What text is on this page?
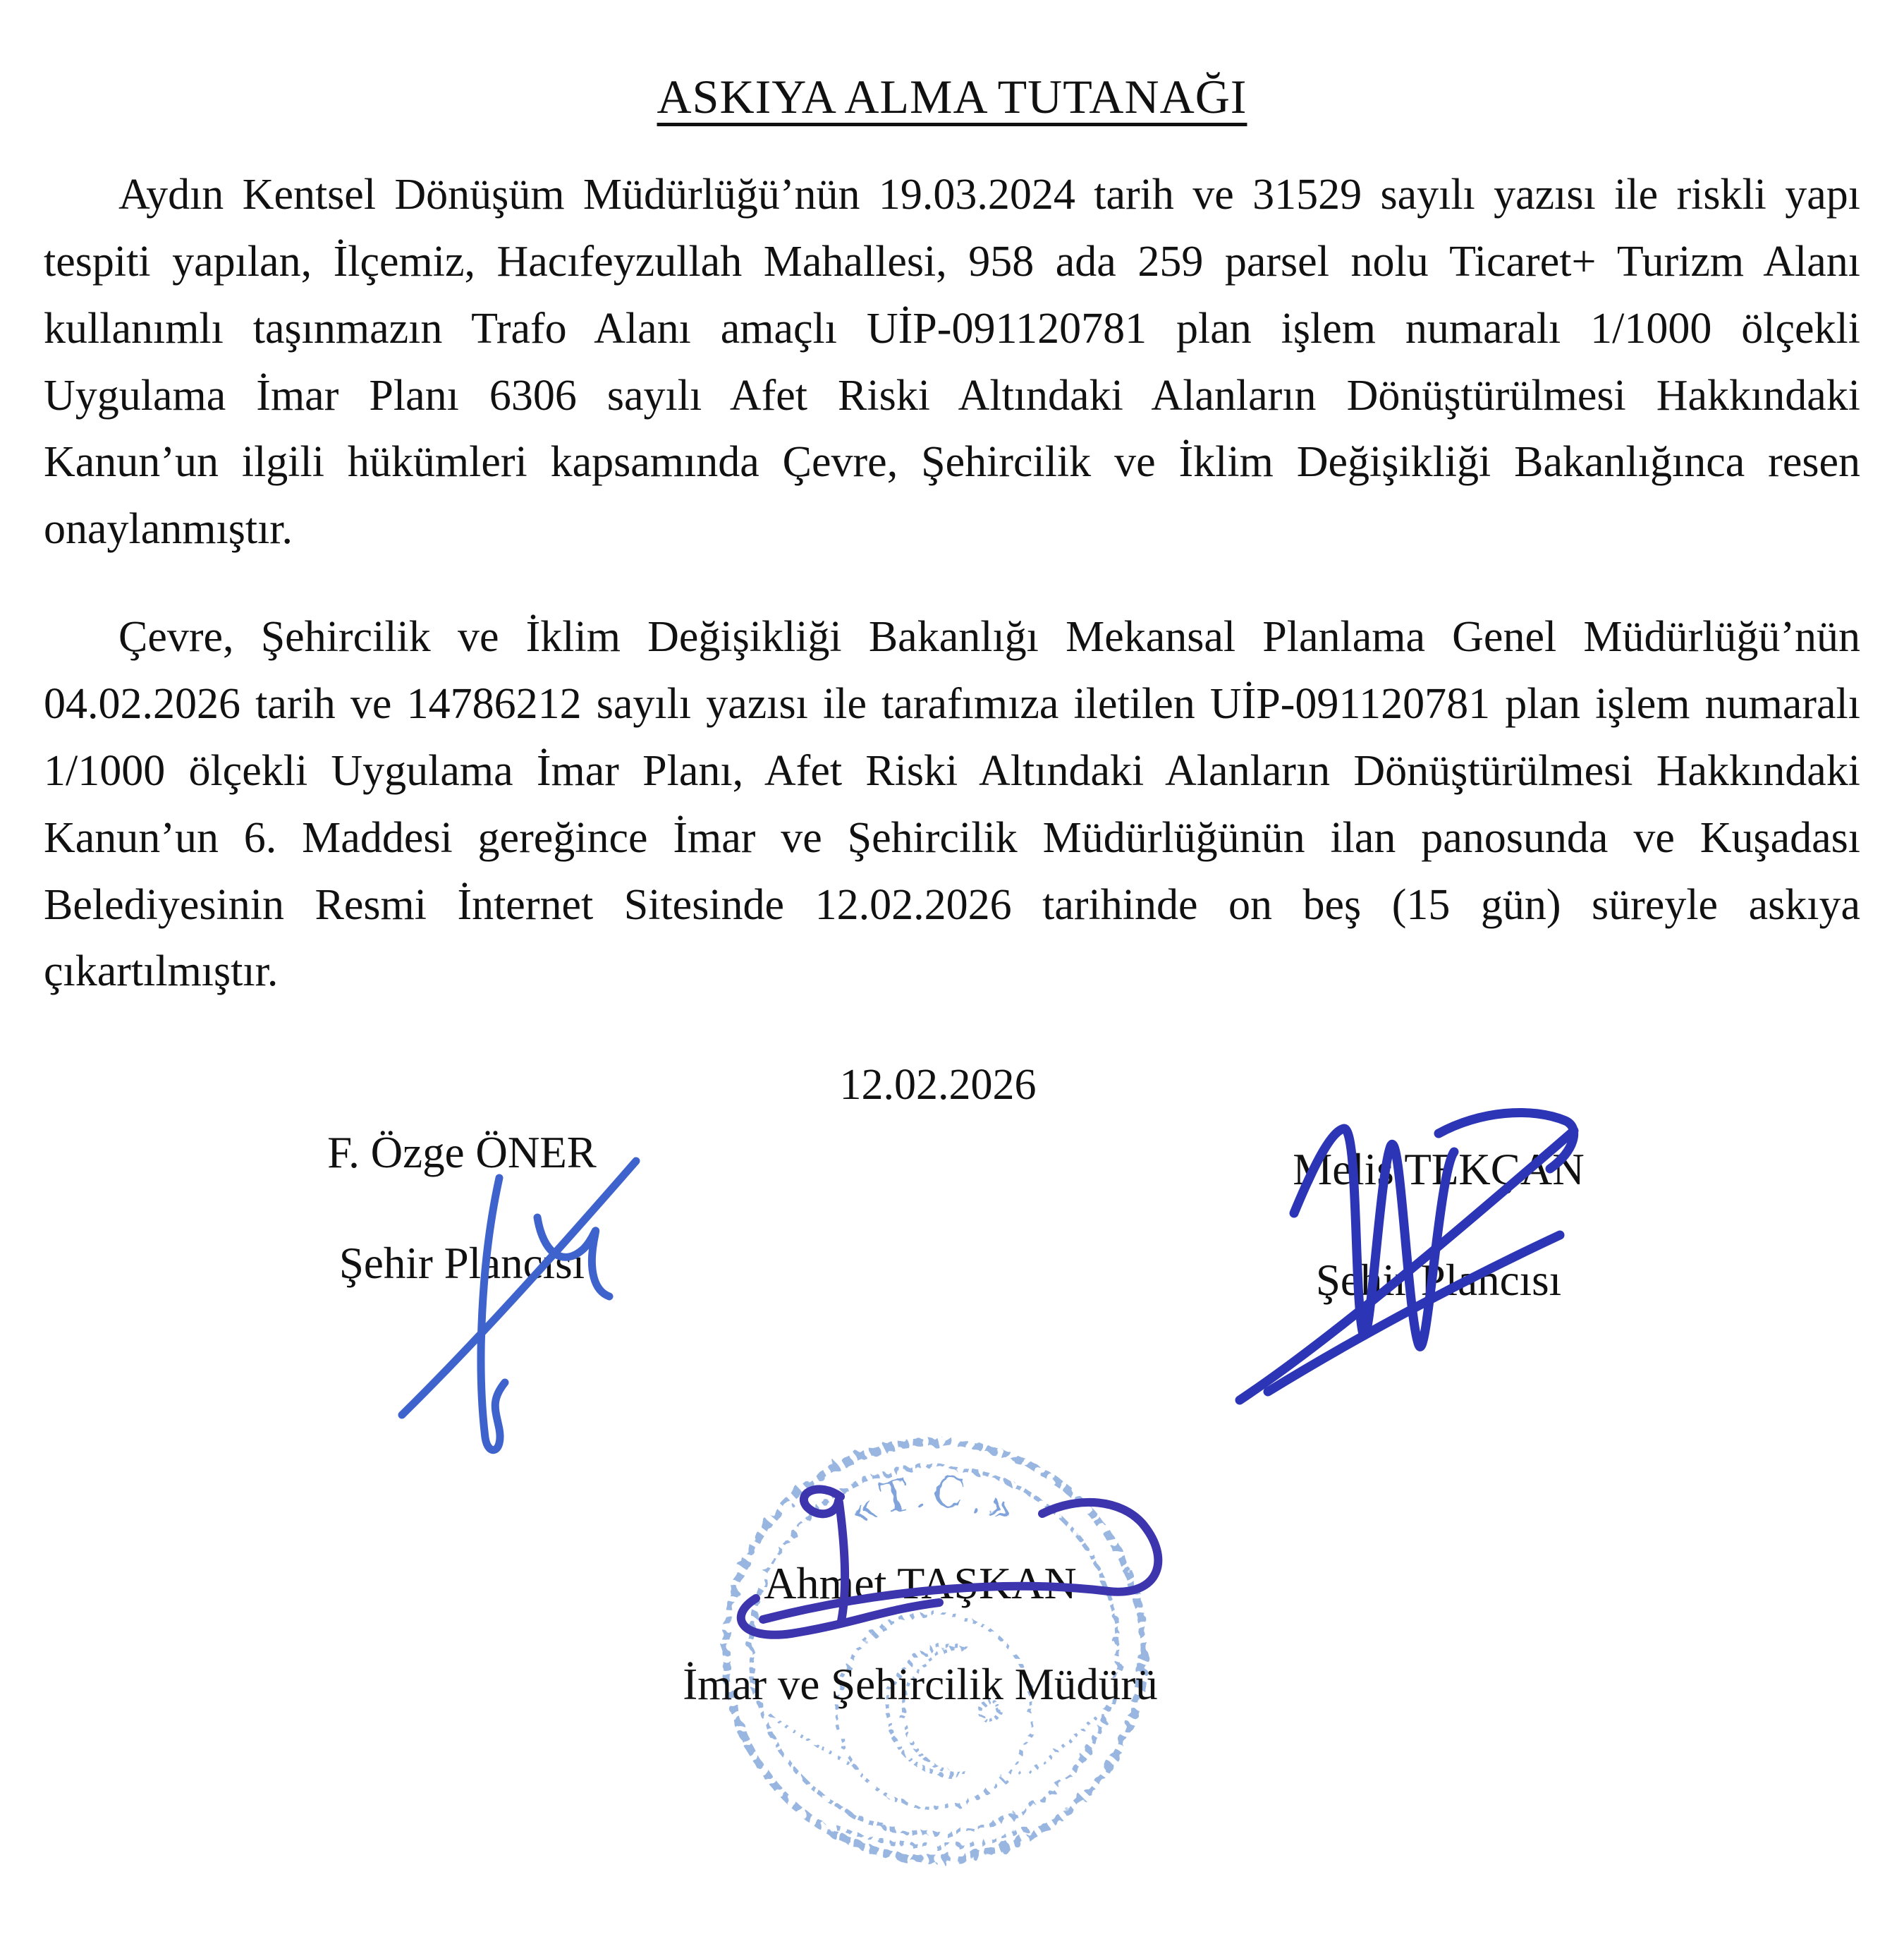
ASKIYA ALMA TUTANAĞI

Aydın Kentsel Dönüşüm Müdürlüğü’nün 19.03.2024 tarih ve 31529 sayılı yazısı ile riskli yapı tespiti yapılan, İlçemiz, Hacıfeyzullah Mahallesi, 958 ada 259 parsel nolu Ticaret+ Turizm Alanı kullanımlı taşınmazın Trafo Alanı amaçlı UİP-091120781 plan işlem numaralı 1/1000 ölçekli Uygulama İmar Planı 6306 sayılı Afet Riski Altındaki Alanların Dönüştürülmesi Hakkındaki Kanun’un ilgili hükümleri kapsamında Çevre, Şehircilik ve İklim Değişikliği Bakanlığınca resen onaylanmıştır.

Çevre, Şehircilik ve İklim Değişikliği Bakanlığı Mekansal Planlama Genel Müdürlüğü’nün 04.02.2026 tarih ve 14786212 sayılı yazısı ile tarafımıza iletilen UİP-091120781 plan işlem numaralı 1/1000 ölçekli Uygulama İmar Planı, Afet Riski Altındaki Alanların Dönüştürülmesi Hakkındaki Kanun’un 6. Maddesi gereğince İmar ve Şehircilik Müdürlüğünün ilan panosunda ve Kuşadası Belediyesinin Resmi İnternet Sitesinde 12.02.2026 tarihinde on beş (15 gün) süreyle askıya çıkartılmıştır.

12.02.2026
F. Özge ÖNER
Şehir Plancısı
Melis TEKÇAN
Şehir Plancısı
Ahmet TAŞKAN
İmar ve Şehircilik Müdürü
«T.C.»
